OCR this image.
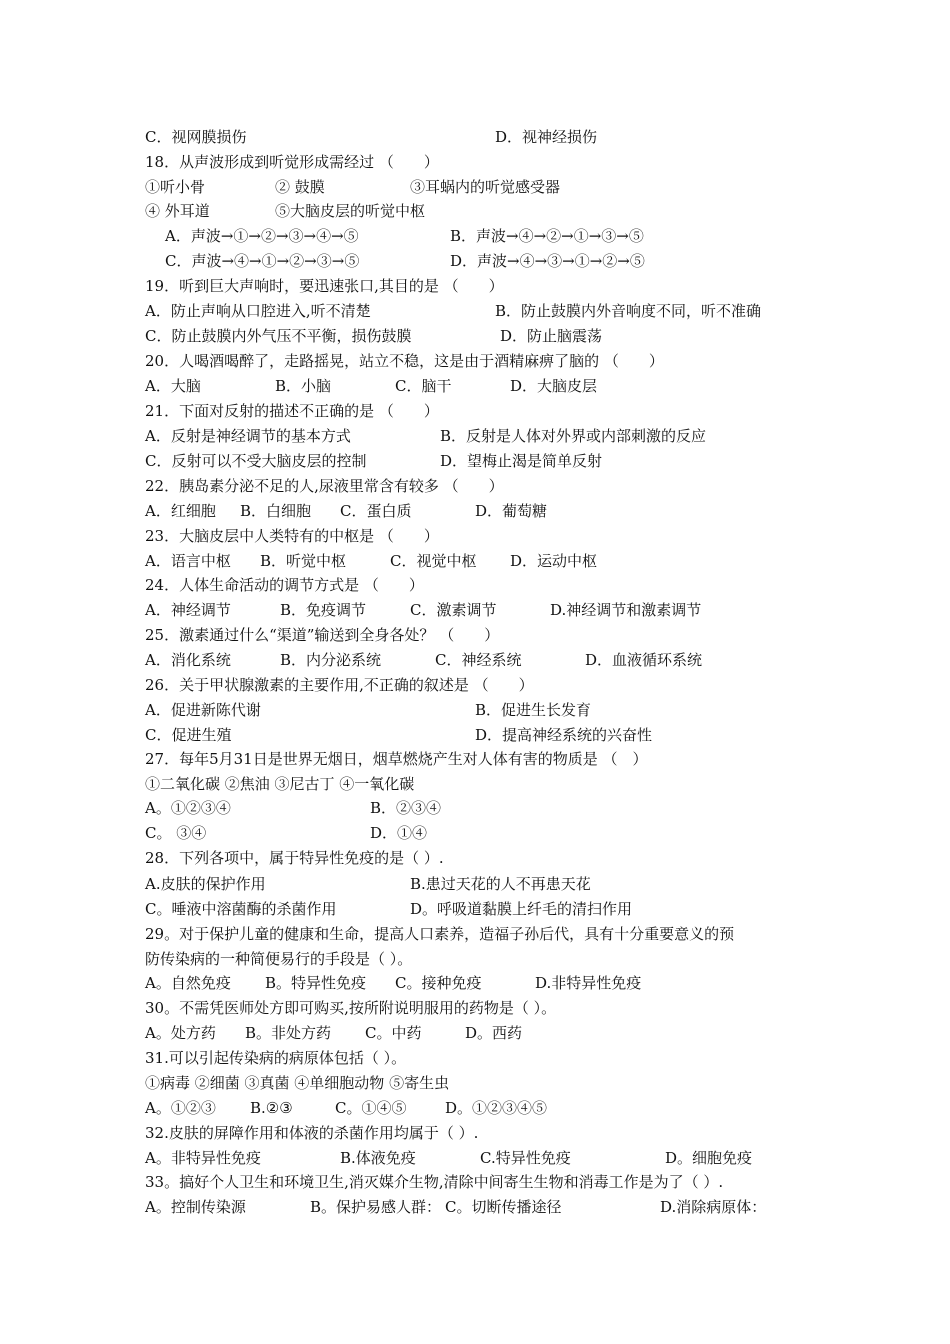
C．视网膜损伤	D．视神经损伤
18．从声波形成到听觉形成需经过 （　　）
①听小骨	② 鼓膜	③耳蜗内的听觉感受器
④ 外耳道	⑤大脑皮层的听觉中枢
A．声波→①→②→③→④→⑤	B．声波→④→②→①→③→⑤
C．声波→④→①→②→③→⑤	D．声波→④→③→①→②→⑤
19．听到巨大声响时，要迅速张口,其目的是 （　　）
A．防止声响从口腔进入,听不清楚	B．防止鼓膜内外音响度不同，听不准确
C．防止鼓膜内外气压不平衡，损伤鼓膜	D．防止脑震荡
20．人喝酒喝醉了，走路摇晃，站立不稳，这是由于酒精麻痹了脑的 （　　）
A．大脑	B．小脑	C．脑干	D．大脑皮层
21．下面对反射的描述不正确的是 （　　）
A．反射是神经调节的基本方式	B．反射是人体对外界或内部刺激的反应
C．反射可以不受大脑皮层的控制	D．望梅止渴是简单反射
22．胰岛素分泌不足的人,尿液里常含有较多 （　　）
A．红细胞 B．白细胞 C．蛋白质	D．葡萄糖
23．大脑皮层中人类特有的中枢是 （　　）
A．语言中枢 B．听觉中枢	C．视觉中枢 D．运动中枢
24．人体生命活动的调节方式是 （　　）
A．神经调节	B．免疫调节	C．激素调节	D.神经调节和激素调节
25．激素通过什么“渠道”输送到全身各处？ （　　）
A．消化系统	B．内分泌系统	C．神经系统	D．血液循环系统
26．关于甲状腺激素的主要作用,不正确的叙述是 （　　）
A．促进新陈代谢	B．促进生长发育
C．促进生殖	D．提高神经系统的兴奋性
27．每年5月31日是世界无烟日，烟草燃烧产生对人体有害的物质是 （　）
①二氧化碳 ②焦油 ③尼古丁 ④一氧化碳
A。①②③④	B．②③④
C。 ③④	D．①④
28．下列各项中，属于特异性免疫的是（ ）.
A.皮肤的保护作用	B.患过天花的人不再患天花
C。唾液中溶菌酶的杀菌作用	D。呼吸道黏膜上纤毛的清扫作用
29。对于保护儿童的健康和生命，提高人口素养，造福子孙后代，具有十分重要意义的预
防传染病的一种简便易行的手段是（ ）。
A。自然免疫 B。特异性免疫 C。接种免疫	D.非特异性免疫
30。不需凭医师处方即可购买,按所附说明服用的药物是（ ）。
A。处方药 B。非处方药 C。中药	D。西药
31.可以引起传染病的病原体包括（ ）。
①病毒 ②细菌 ③真菌 ④单细胞动物 ⑤寄生虫
A。①②③ B.②③	C。①④⑤	D。①②③④⑤
32.皮肤的屏障作用和体液的杀菌作用均属于（ ）.
A。非特异性免疫	B.体液免疫	C.特异性免疫	D。细胞免疫
33。搞好个人卫生和环境卫生,消灭媒介生物,清除中间寄生生物和消毒工作是为了（ ）.
A。控制传染源	B。保护易感人群： C。切断传播途径	D.消除病原体：
